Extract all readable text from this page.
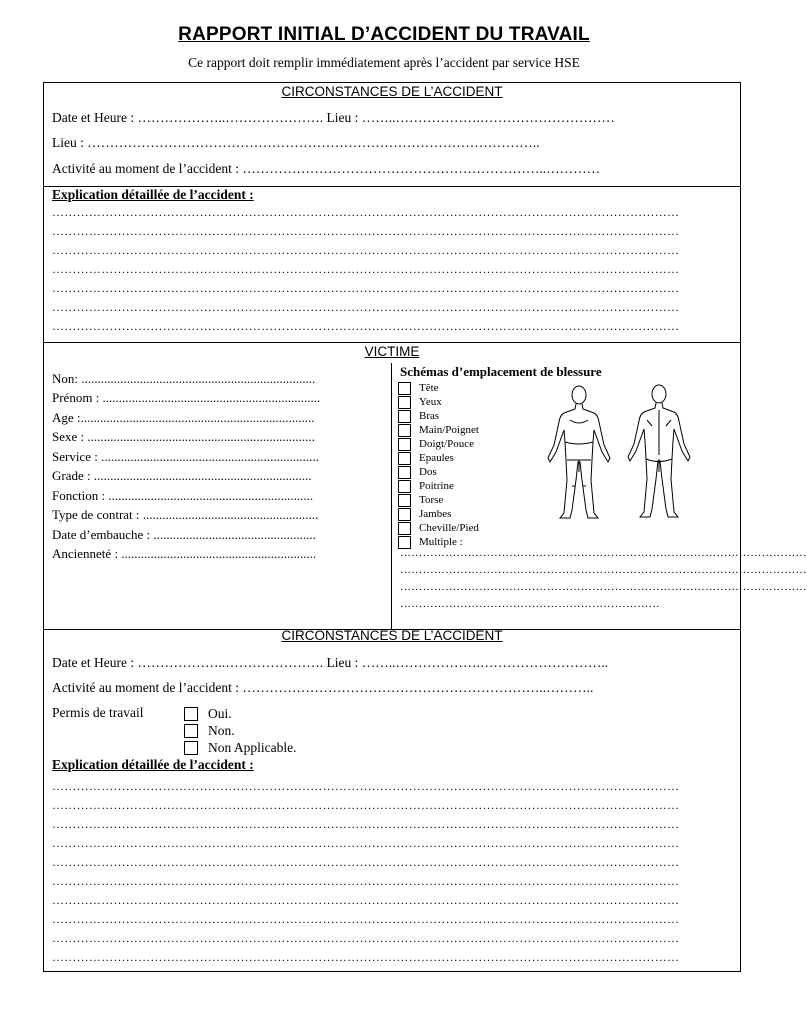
RAPPORT INITIAL D’ACCIDENT DU TRAVAIL
Ce rapport doit remplir immédiatement après l’accident par service HSE
CIRCONSTANCES DE L’ACCIDENT
Date et Heure : ………………..…………………. Lieu : ……..……………….…………………………
Lieu : ………………………………………………………………………………………..
Activité au moment de l’accident : …………………………………………………………..…………
Explication détaillée de l’accident :
………………………………………………………………………………………………………………………………………
………………………………………………………………………………………………………………………………………
………………………………………………………………………………………………………………………………………
………………………………………………………………………………………………………………………………………
………………………………………………………………………………………………………………………………………
………………………………………………………………………………………………………………………………………
………………………………………………………………………………………………………………………………………
VICTIME
Non: ........................................................................
Prénom : ...................................................................
Age :........................................................................
Sexe : ......................................................................
Service : ...................................................................
Grade : ...................................................................
Fonction : ...............................................................
Type de contrat : ......................................................
Date d’embauche : ..................................................
Ancienneté : ............................................................
Schémas d’emplacement de blessure
Tête
Yeux
Bras
Main/Poignet
Doigt/Pouce
Epaules
Dos
Poitrine
Torse
Jambes
Cheville/Pied
Multiple :
………………………………………………………………………………………………
………………………………………………………………………………………………
………………………………………………………………………………………………
……………………………………………………………
CIRCONSTANCES DE L’ACCIDENT
Date et Heure : ………………..…………………. Lieu : ……..……………….………………………..
Activité au moment de l’accident : …………………………………………………………..………..
Permis de travail	Oui.
Non.
Non Applicable.
Explication détaillée de l’accident :
………………………………………………………………………………………………………………………………………
………………………………………………………………………………………………………………………………………
………………………………………………………………………………………………………………………………………
………………………………………………………………………………………………………………………………………
………………………………………………………………………………………………………………………………………
………………………………………………………………………………………………………………………………………
………………………………………………………………………………………………………………………………………
………………………………………………………………………………………………………………………………………
………………………………………………………………………………………………………………………………………
………………………………………………………………………………………………………………………………………
